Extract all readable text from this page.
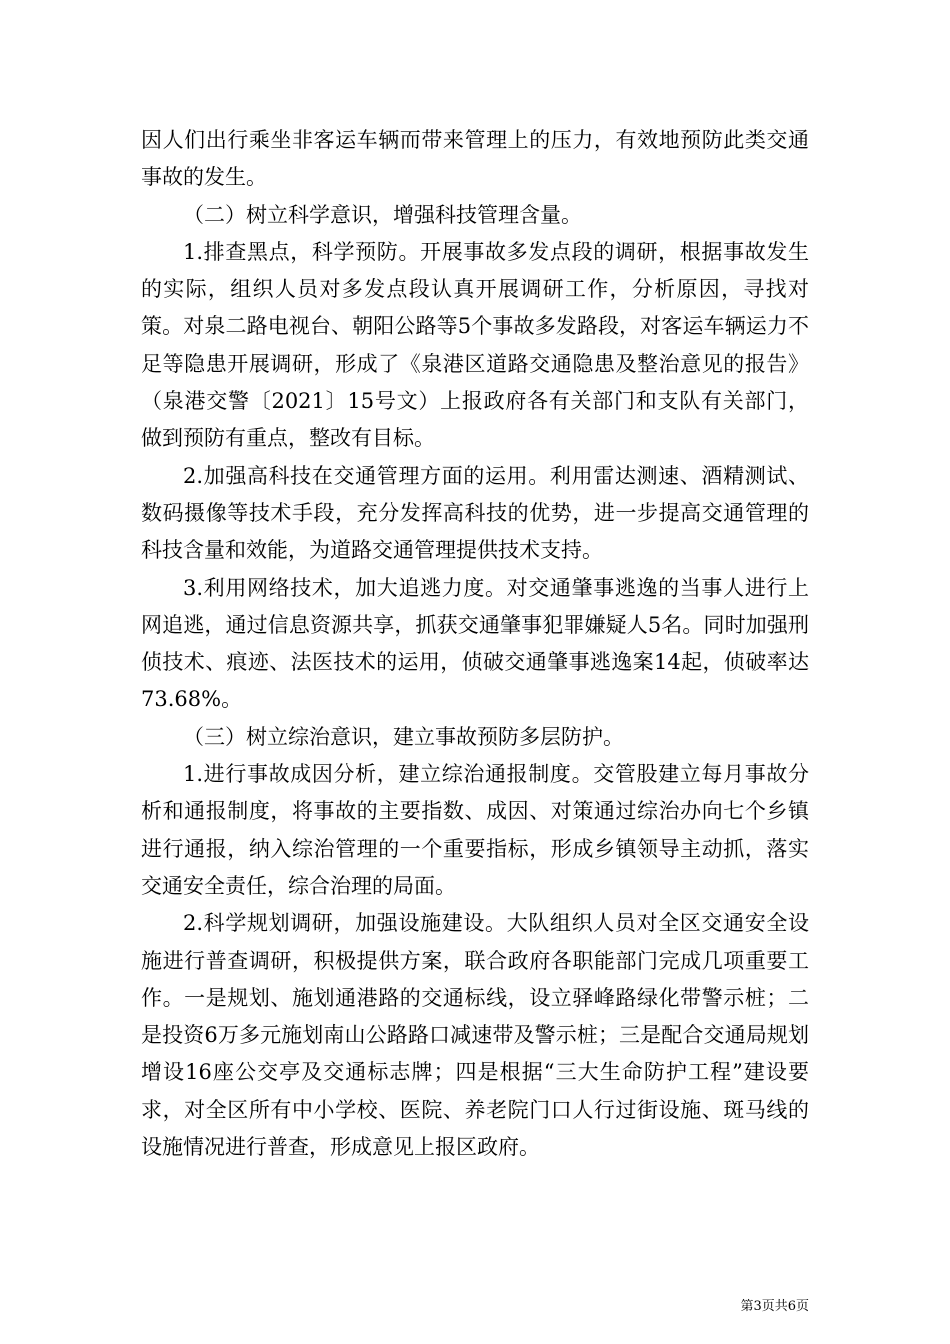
因人们出行乘坐非客运车辆而带来管理上的压力，有效地预防此类交通事故的发生。

（二）树立科学意识，增强科技管理含量。

1.排查黑点，科学预防。开展事故多发点段的调研，根据事故发生的实际，组织人员对多发点段认真开展调研工作，分析原因，寻找对策。对泉二路电视台、朝阳公路等5个事故多发路段，对客运车辆运力不足等隐患开展调研，形成了《泉港区道路交通隐患及整治意见的报告》（泉港交警〔2021〕15号文）上报政府各有关部门和支队有关部门，做到预防有重点，整改有目标。

2.加强高科技在交通管理方面的运用。利用雷达测速、酒精测试、数码摄像等技术手段，充分发挥高科技的优势，进一步提高交通管理的科技含量和效能，为道路交通管理提供技术支持。

3.利用网络技术，加大追逃力度。对交通肇事逃逸的当事人进行上网追逃，通过信息资源共享，抓获交通肇事犯罪嫌疑人5名。同时加强刑侦技术、痕迹、法医技术的运用，侦破交通肇事逃逸案14起，侦破率达73.68%。

（三）树立综治意识，建立事故预防多层防护。

1.进行事故成因分析，建立综治通报制度。交管股建立每月事故分析和通报制度，将事故的主要指数、成因、对策通过综治办向七个乡镇进行通报，纳入综治管理的一个重要指标，形成乡镇领导主动抓，落实交通安全责任，综合治理的局面。

2.科学规划调研，加强设施建设。大队组织人员对全区交通安全设施进行普查调研，积极提供方案，联合政府各职能部门完成几项重要工作。一是规划、施划通港路的交通标线，设立驿峰路绿化带警示桩；二是投资6万多元施划南山公路路口减速带及警示桩；三是配合交通局规划增设16座公交亭及交通标志牌；四是根据“三大生命防护工程”建设要求，对全区所有中小学校、医院、养老院门口人行过街设施、斑马线的设施情况进行普查，形成意见上报区政府。

第3页共6页
